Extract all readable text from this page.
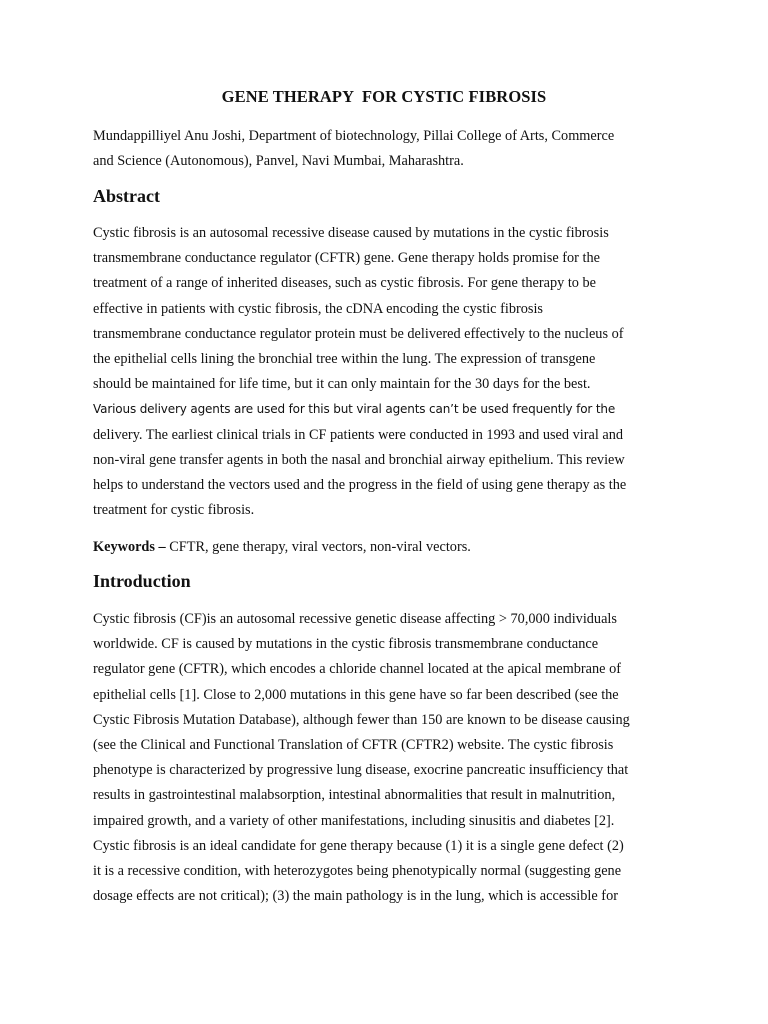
GENE THERAPY  FOR CYSTIC FIBROSIS
Mundappilliyel Anu Joshi, Department of biotechnology, Pillai College of Arts, Commerce
and Science (Autonomous), Panvel, Navi Mumbai, Maharashtra.
Abstract
Cystic fibrosis is an autosomal recessive disease caused by mutations in the cystic fibrosis
transmembrane conductance regulator (CFTR) gene. Gene therapy holds promise for the
treatment of a range of inherited diseases, such as cystic fibrosis. For gene therapy to be
effective in patients with cystic fibrosis, the cDNA encoding the cystic fibrosis
transmembrane conductance regulator protein must be delivered effectively to the nucleus of
the epithelial cells lining the bronchial tree within the lung. The expression of transgene
should be maintained for life time, but it can only maintain for the 30 days for the best.
Various delivery agents are used for this but viral agents can’t be used frequently for the
delivery. The earliest clinical trials in CF patients were conducted in 1993 and used viral and
non-viral gene transfer agents in both the nasal and bronchial airway epithelium. This review
helps to understand the vectors used and the progress in the field of using gene therapy as the
treatment for cystic fibrosis.
Keywords – CFTR, gene therapy, viral vectors, non-viral vectors.
Introduction
Cystic fibrosis (CF)is an autosomal recessive genetic disease affecting > 70,000 individuals
worldwide. CF is caused by mutations in the cystic fibrosis transmembrane conductance
regulator gene (CFTR), which encodes a chloride channel located at the apical membrane of
epithelial cells [1]. Close to 2,000 mutations in this gene have so far been described (see the
Cystic Fibrosis Mutation Database), although fewer than 150 are known to be disease causing
(see the Clinical and Functional Translation of CFTR (CFTR2) website. The cystic fibrosis
phenotype is characterized by progressive lung disease, exocrine pancreatic insufficiency that
results in gastrointestinal malabsorption, intestinal abnormalities that result in malnutrition,
impaired growth, and a variety of other manifestations, including sinusitis and diabetes [2].
Cystic fibrosis is an ideal candidate for gene therapy because (1) it is a single gene defect (2)
it is a recessive condition, with heterozygotes being phenotypically normal (suggesting gene
dosage effects are not critical); (3) the main pathology is in the lung, which is accessible for
